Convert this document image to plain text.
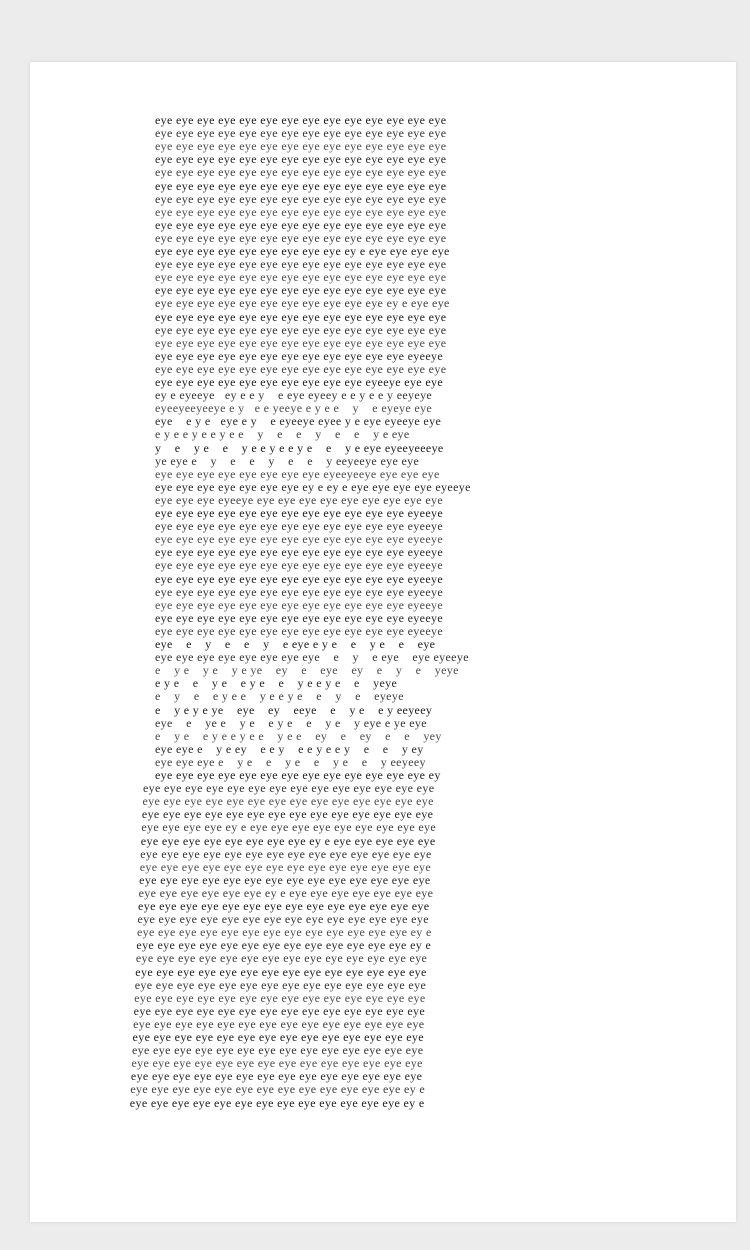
eye eye eye eye eye eye eye eye eye eye eye eye eye eye
eye eye eye eye eye eye eye eye eye eye eye eye eye eye
eye eye eye eye eye eye eye eye eye eye eye eye eye eye
eye eye eye eye eye eye eye eye eye eye eye eye eye eye
eye eye eye eye eye eye eye eye eye eye eye eye eye eye
eye eye eye eye eye eye eye eye eye eye eye eye eye eye
eye eye eye eye eye eye eye eye eye eye eye eye eye eye
eye eye eye eye eye eye eye eye eye eye eye eye eye eye
eye eye eye eye eye eye eye eye eye eye eye eye eye eye
eye eye eye eye eye eye eye eye eye eye eye eye eye eye
eye eye eye eye eye eye eye eye eye ey e eye eye eye eye
eye eye eye eye eye eye eye eye eye eye eye eye eye eye
eye eye eye eye eye eye eye eye eye eye eye eye eye eye
eye eye eye eye eye eye eye eye eye eye eye eye eye eye
eye eye eye eye eye eye eye eye eye eye eye ey e eye eye
eye eye eye eye eye eye eye eye eye eye eye eye eye eye
eye eye eye eye eye eye eye eye eye eye eye eye eye eye
eye eye eye eye eye eye eye eye eye eye eye eye eye eye
eye eye eye eye eye eye eye eye eye eye eye eye eyeeye
eye eye eye eye eye eye eye eye eye eye eye eye eye eye
eye eye eye eye eye eye eye eye eye eye eyeeye eye eye
ey e eyeeye   ey e e y    e eye eyeey e e y e e y eeyeye
eyeeyeeyeeye e y   e e yeeye e y e e    y    e eyeye eye
eye    e y e   eye e y    e eyeeye eyee y e eye eyeeye eye
e y e e y e e y e e    y    e    e    y    e    e    y e eye
y    e    y e    e    y e e y e e y e    e    y e eye eyeeyeeeye
ye eye e    y    e    e    y    e    e    y eeyeeye eye eye
eye eye eye eye eye eye eye eye eyeeyeeye eye eye eye
eye eye eye eye eye eye eye ey e ey e eye eye eye eye eyeeye
eye eye eye eyeeye eye eye eye eye eye eye eye eye eye
eye eye eye eye eye eye eye eye eye eye eye eye eyeeye
eye eye eye eye eye eye eye eye eye eye eye eye eyeeye
eye eye eye eye eye eye eye eye eye eye eye eye eyeeye
eye eye eye eye eye eye eye eye eye eye eye eye eyeeye
eye eye eye eye eye eye eye eye eye eye eye eye eyeeye
eye eye eye eye eye eye eye eye eye eye eye eye eyeeye
eye eye eye eye eye eye eye eye eye eye eye eye eyeeye
eye eye eye eye eye eye eye eye eye eye eye eye eyeeye
eye eye eye eye eye eye eye eye eye eye eye eye eyeeye
eye eye eye eye eye eye eye eye eye eye eye eye eyeeye
eye    e    y    e    e    y    e eye e y e    e    y e    e    eye
eye eye eye eye eye eye eye eye    e    y    e eye    eye eyeeye
e    y e    y e    y e ye    ey    e    eye    ey    e    y    e    yeye
e y e    e    y e    e y e    e    y e e y e    e    yeye
e    y    e    e y e e    y e e y e    e    y    e    eyeye
e    y e y e ye    eye    ey    eeye    e    y e    e y eeyeey
eye    e    ye e    y e    e y e    e    y e    y eye e ye eye
e    y e    e y e e y e e    y e e    ey    e    ey    e    e    yey
eye eye e    y e ey    e e y    e e y e e y    e    e    y ey
eye eye eye e    y e    e    y e    e    y e    e    y eeyeey
eye eye eye eye eye eye eye eye eye eye eye eye eye ey
eye eye eye eye eye eye eye eye eye eye eye eye eye eye
eye eye eye eye eye eye eye eye eye eye eye eye eye eye
eye eye eye eye eye eye eye eye eye eye eye eye eye eye
eye eye eye eye ey e eye eye eye eye eye eye eye eye eye
eye eye eye eye eye eye eye eye ey e eye eye eye eye eye
eye eye eye eye eye eye eye eye eye eye eye eye eye eye
eye eye eye eye eye eye eye eye eye eye eye eye eye eye
eye eye eye eye eye eye eye eye eye eye eye eye eye eye
eye eye eye eye eye eye ey e eye eye eye eye eye eye eye
eye eye eye eye eye eye eye eye eye eye eye eye eye eye
eye eye eye eye eye eye eye eye eye eye eye eye eye eye
eye eye eye eye eye eye eye eye eye eye eye eye eye ey e
eye eye eye eye eye eye eye eye eye eye eye eye eye ey e
eye eye eye eye eye eye eye eye eye eye eye eye eye eye
eye eye eye eye eye eye eye eye eye eye eye eye eye eye
eye eye eye eye eye eye eye eye eye eye eye eye eye eye
eye eye eye eye eye eye eye eye eye eye eye eye eye eye
eye eye eye eye eye eye eye eye eye eye eye eye eye eye
eye eye eye eye eye eye eye eye eye eye eye eye eye eye
eye eye eye eye eye eye eye eye eye eye eye eye eye eye
eye eye eye eye eye eye eye eye eye eye eye eye eye eye
eye eye eye eye eye eye eye eye eye eye eye eye eye eye
eye eye eye eye eye eye eye eye eye eye eye eye eye eye
eye eye eye eye eye eye eye eye eye eye eye eye eye ey e
eye eye eye eye eye eye eye eye eye eye eye eye eye ey e
